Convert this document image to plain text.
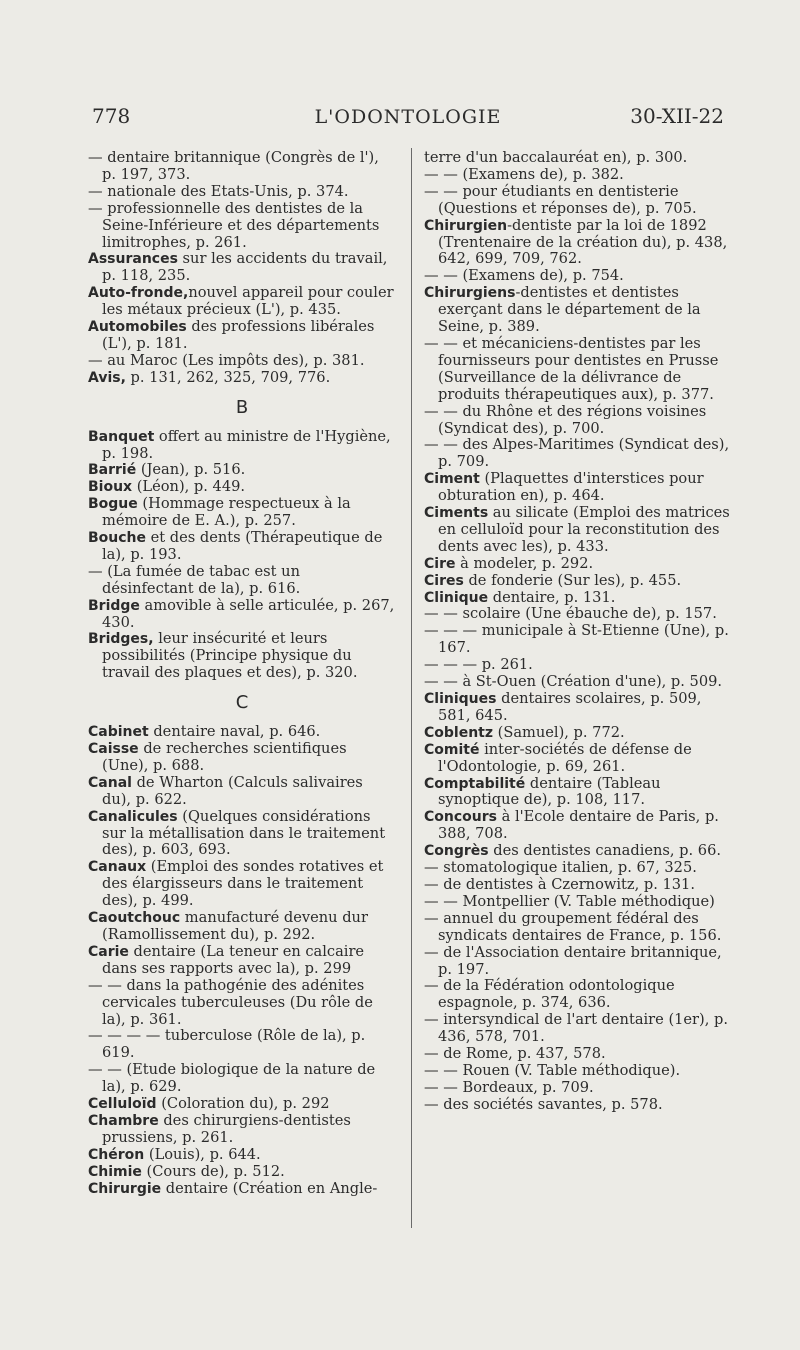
778	L'ODONTOLOGIE	30-XII-22

— dentaire britannique (Congrès de l'), p. 197, 373.

— nationale des Etats-Unis, p. 374.

— professionnelle des dentistes de la Seine-Inférieure et des départements limitrophes, p. 261.

Assurances sur les accidents du travail, p. 118, 235.

Auto-fronde,nouvel appareil pour couler les métaux précieux (L'), p. 435.

Automobiles des professions libérales (L'), p. 181.

— au Maroc (Les impôts des), p. 381.

Avis, p. 131, 262, 325, 709, 776.

B

Banquet offert au ministre de l'Hygiène, p. 198.

Barrié (Jean), p. 516.

Bioux (Léon), p. 449.

Bogue (Hommage respectueux à la mémoire de E. A.), p. 257.

Bouche et des dents (Thérapeutique de la), p. 193.

— (La fumée de tabac est un désinfectant de la), p. 616.

Bridge amovible à selle articulée, p. 267, 430.

Bridges, leur insécurité et leurs possibilités (Principe physique du travail des plaques et des), p. 320.

C

Cabinet dentaire naval, p. 646.

Caisse de recherches scientifiques (Une), p. 688.

Canal de Wharton (Calculs salivaires du), p. 622.

Canalicules (Quelques considérations sur la métallisation dans le traitement des), p. 603, 693.

Canaux (Emploi des sondes rotatives et des élargisseurs dans le traitement des), p. 499.

Caoutchouc manufacturé devenu dur (Ramollissement du), p. 292.

Carie dentaire (La teneur en calcaire dans ses rapports avec la), p. 299

— — dans la pathogénie des adénites cervicales tuberculeuses (Du rôle de la), p. 361.

— — — — tuberculose (Rôle de la), p. 619.

— — (Etude biologique de la nature de la), p. 629.

Celluloïd (Coloration du), p. 292

Chambre des chirurgiens-dentistes prussiens, p. 261.

Chéron (Louis), p. 644.

Chimie (Cours de), p. 512.

Chirurgie dentaire (Création en Angle-

terre d'un baccalauréat en), p. 300.

— — (Examens de), p. 382.

— — pour étudiants en dentisterie (Questions et réponses de), p. 705.

Chirurgien-dentiste par la loi de 1892 (Trentenaire de la création du), p. 438, 642, 699, 709, 762.

— — (Examens de), p. 754.

Chirurgiens-dentistes et dentistes exerçant dans le département de la Seine, p. 389.

— — et mécaniciens-dentistes par les fournisseurs pour dentistes en Prusse (Surveillance de la délivrance de produits thérapeutiques aux), p. 377.

— — du Rhône et des régions voisines (Syndicat des), p. 700.

— — des Alpes-Maritimes (Syndicat des), p. 709.

Ciment (Plaquettes d'interstices pour obturation en), p. 464.

Ciments au silicate (Emploi des matrices en celluloïd pour la reconstitution des dents avec les), p. 433.

Cire à modeler, p. 292.

Cires de fonderie (Sur les), p. 455.

Clinique dentaire, p. 131.

— — scolaire (Une ébauche de), p. 157.

— — — municipale à St-Etienne (Une), p. 167.

— — — p. 261.

— — à St-Ouen (Création d'une), p. 509.

Cliniques dentaires scolaires, p. 509, 581, 645.

Coblentz (Samuel), p. 772.

Comité inter-sociétés de défense de l'Odontologie, p. 69, 261.

Comptabilité dentaire (Tableau synoptique de), p. 108, 117.

Concours à l'Ecole dentaire de Paris, p. 388, 708.

Congrès des dentistes canadiens, p. 66.

— stomatologique italien, p. 67, 325.

— de dentistes à Czernowitz, p. 131.

— — Montpellier (V. Table méthodique)

— annuel du groupement fédéral des syndicats dentaires de France, p. 156.

— de l'Association dentaire britannique, p. 197.

— de la Fédération odontologique espagnole, p. 374, 636.

— intersyndical de l'art dentaire (1er), p. 436, 578, 701.

— de Rome, p. 437, 578.

— — Rouen (V. Table méthodique).

— — Bordeaux, p. 709.

— des sociétés savantes, p. 578.
